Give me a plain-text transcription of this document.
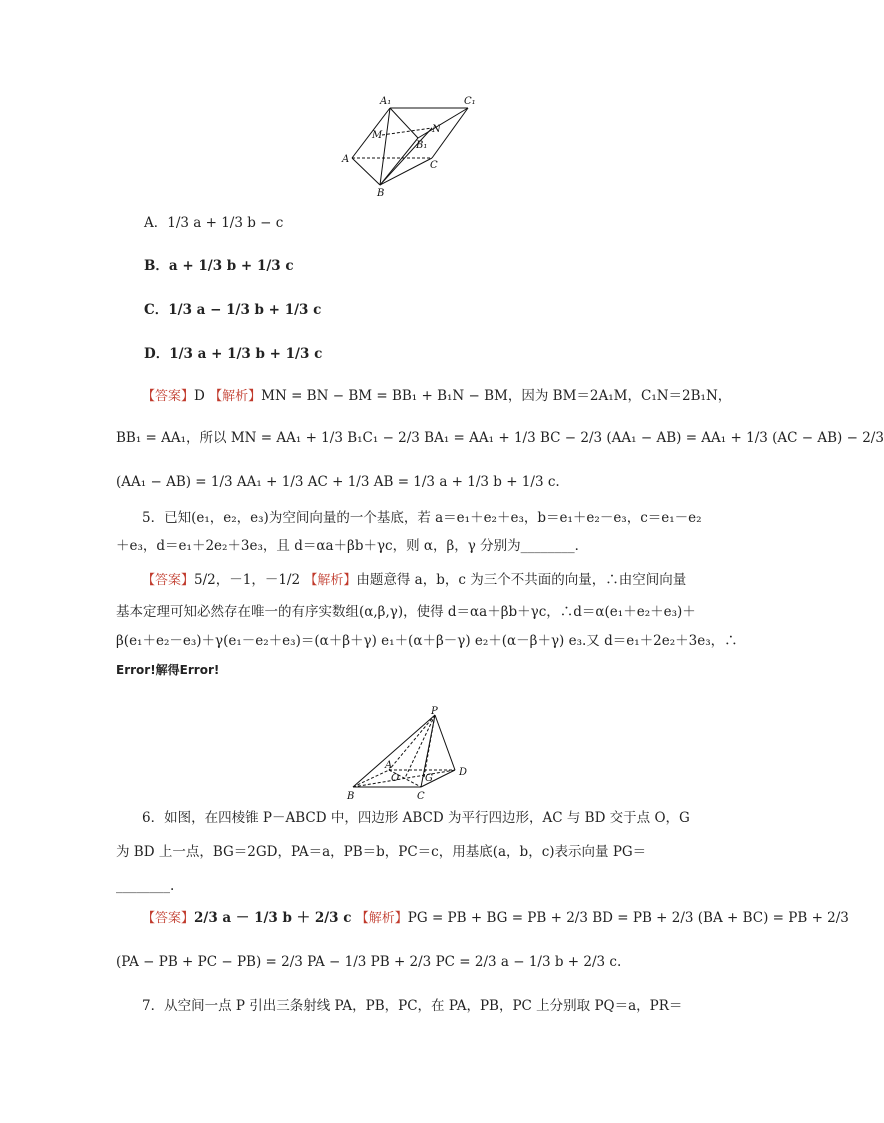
A₁	C₁
M
N
B₁
A
C
B
A．1/3 a + 1/3 b − c
B．a + 1/3 b + 1/3 c
C．1/3 a − 1/3 b + 1/3 c
D．1/3 a + 1/3 b + 1/3 c
【答案】D 【解析】MN = BN − BM = BB₁ + B₁N − BM，因为 BM＝2A₁M，C₁N＝2B₁N，
BB₁ = AA₁，所以 MN = AA₁ + 1/3 B₁C₁ − 2/3 BA₁ = AA₁ + 1/3 BC − 2/3 (AA₁ − AB) = AA₁ + 1/3 (AC − AB) − 2/3
(AA₁ − AB) = 1/3 AA₁ + 1/3 AC + 1/3 AB = 1/3 a + 1/3 b + 1/3 c.
5．已知(e₁，e₂，e₃)为空间向量的一个基底，若 a＝e₁＋e₂＋e₃，b＝e₁＋e₂－e₃，c＝e₁－e₂
＋e₃，d＝e₁＋2e₂＋3e₃，且 d＝αa＋βb＋γc，则 α，β，γ 分别为________．
【答案】5/2，－1，－1/2 【解析】由题意得 a，b，c 为三个不共面的向量，∴由空间向量
基本定理可知必然存在唯一的有序实数组(α,β,γ)，使得 d＝αa＋βb＋γc，∴d＝α(e₁＋e₂＋e₃)＋
β(e₁＋e₂－e₃)＋γ(e₁－e₂＋e₃)＝(α＋β＋γ) e₁＋(α＋β－γ) e₂＋(α－β＋γ) e₃.又 d＝e₁＋2e₂＋3e₃，∴
Error!解得Error!
P
A
O	G
D
B	C
6．如图，在四棱锥 P－ABCD 中，四边形 ABCD 为平行四边形，AC 与 BD 交于点 O，G
为 BD 上一点，BG＝2GD，PA＝a，PB＝b，PC＝c，用基底(a，b，c)表示向量 PG＝
________.
【答案】2/3 a － 1/3 b ＋ 2/3 c 【解析】PG = PB + BG = PB + 2/3 BD = PB + 2/3 (BA + BC) = PB + 2/3
(PA − PB + PC − PB) = 2/3 PA − 1/3 PB + 2/3 PC = 2/3 a − 1/3 b + 2/3 c.
7．从空间一点 P 引出三条射线 PA，PB，PC，在 PA，PB，PC 上分别取 PQ＝a，PR＝
